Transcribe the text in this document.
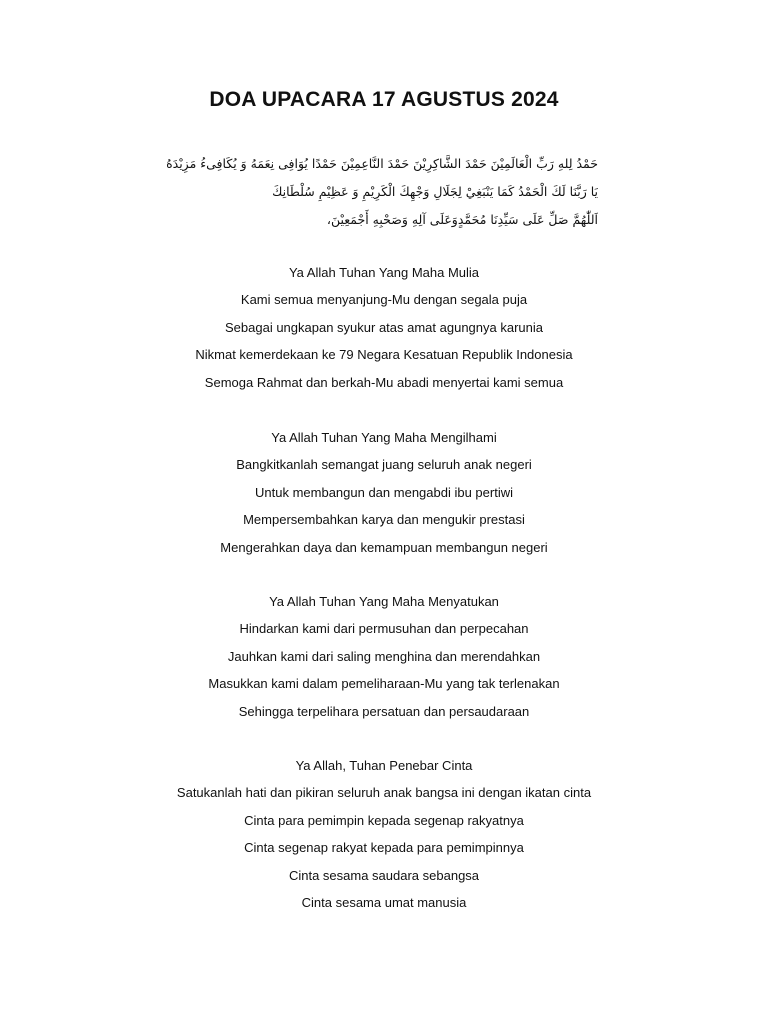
DOA UPACARA 17 AGUSTUS 2024
حَمْدُ لِلهِ رَبِّ الْعَالَمِيْنَ حَمْدَ الشَّاكِرِيْنَ حَمْدَ النَّاعِمِيْنَ حَمْدًا يُوَافِى نِعَمَهُ وَ يُكَافِىءُ مَزِيْدَهُ
يَا رَبَّنَا لَكَ الْحَمْدُ كَمَا يَنْبَغِيْ لِجَلَالِ وَجْهِكَ الْكَرِيْمِ وَ عَظِيْمِ سُلْطَانِكَ
اَللّٰهُمَّ صَلِّ عَلَى سَيِّدِنَا مُحَمَّدٍوَعَلَى آلِهِ وَصَحْبِهِ أَجْمَعِيْنَ،
Ya Allah Tuhan Yang Maha Mulia
Kami semua menyanjung-Mu dengan segala puja
Sebagai ungkapan syukur atas amat agungnya karunia
Nikmat kemerdekaan ke 79 Negara Kesatuan Republik Indonesia
Semoga Rahmat dan berkah-Mu abadi menyertai kami semua
Ya Allah Tuhan Yang Maha Mengilhami
Bangkitkanlah semangat juang seluruh anak negeri
Untuk membangun dan mengabdi ibu pertiwi
Mempersembahkan karya dan mengukir prestasi
Mengerahkan daya dan kemampuan membangun negeri
Ya Allah Tuhan Yang Maha Menyatukan
Hindarkan kami dari permusuhan dan perpecahan
Jauhkan kami dari saling menghina dan merendahkan
Masukkan kami dalam pemeliharaan-Mu yang tak terlenakan
Sehingga terpelihara persatuan dan persaudaraan
Ya Allah, Tuhan Penebar Cinta
Satukanlah hati dan pikiran seluruh anak bangsa ini dengan ikatan cinta
Cinta para pemimpin kepada segenap rakyatnya
Cinta segenap rakyat kepada para pemimpinnya
Cinta sesama saudara sebangsa
Cinta sesama umat manusia
